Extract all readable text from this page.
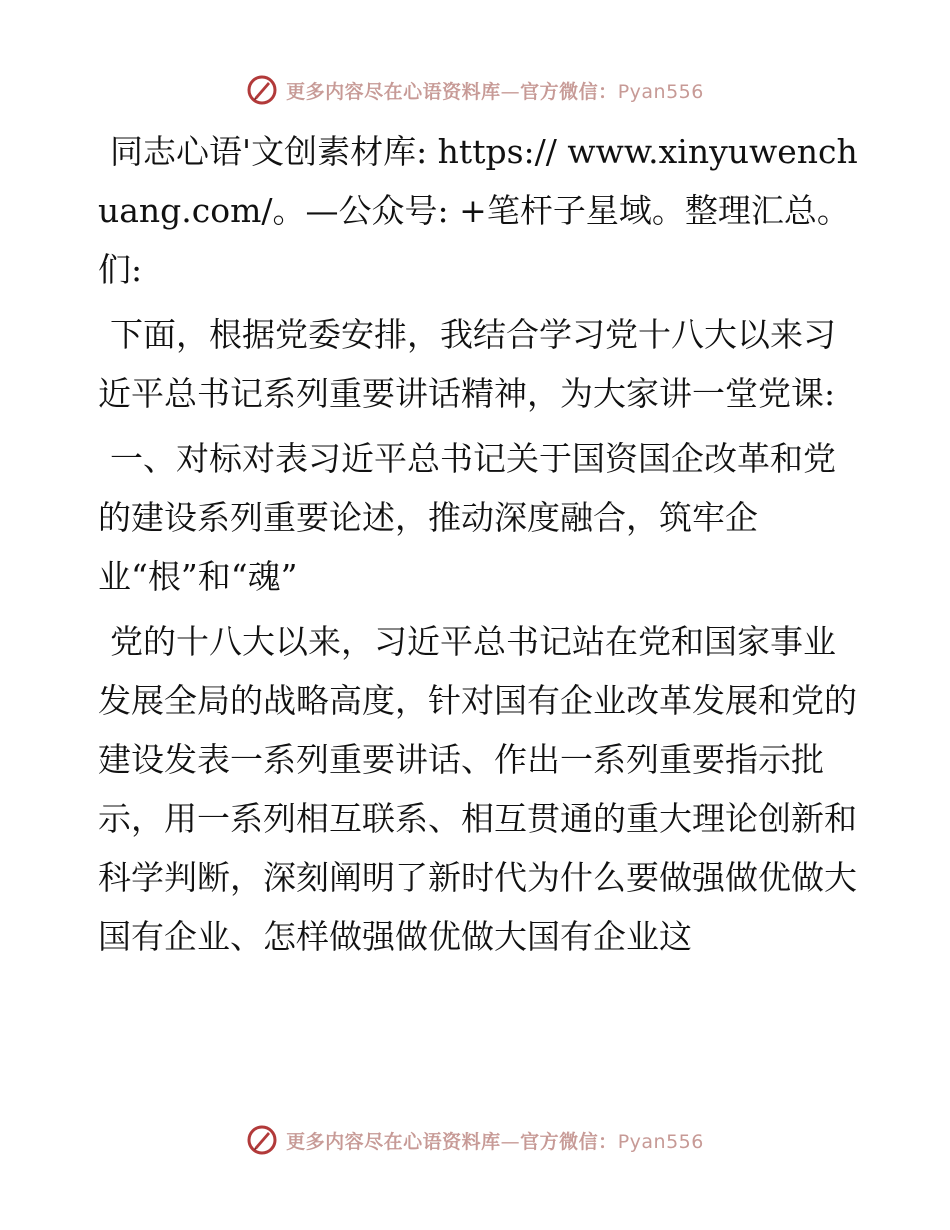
更多内容尽在心语资料库—官方微信：Pyan556

同志心语'文创素材库: https:// www.xinyuwenchuang.com/。—公众号: +笔杆子星域。整理汇总。们:

下面，根据党委安排，我结合学习党十八大以来习近平总书记系列重要讲话精神，为大家讲一堂党课:

一、对标对表习近平总书记关于国资国企改革和党的建设系列重要论述，推动深度融合，筑牢企业“根”和“魂”

党的十八大以来，习近平总书记站在党和国家事业发展全局的战略高度，针对国有企业改革发展和党的建设发表一系列重要讲话、作出一系列重要指示批示，用一系列相互联系、相互贯通的重大理论创新和科学判断，深刻阐明了新时代为什么要做强做优做大国有企业、怎样做强做优做大国有企业这

更多内容尽在心语资料库—官方微信：Pyan556
